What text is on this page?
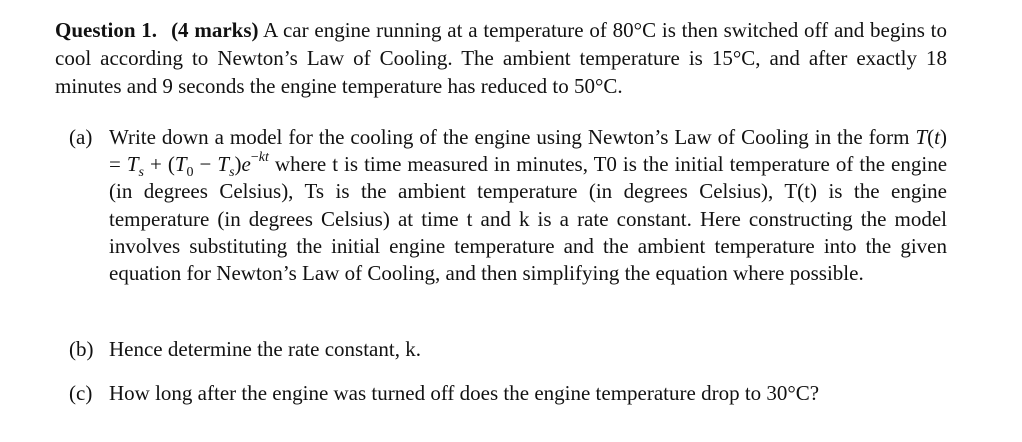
Question 1. (4 marks) A car engine running at a temperature of 80°C is then switched off and begins to cool according to Newton’s Law of Cooling. The ambient temperature is 15°C, and after exactly 18 minutes and 9 seconds the engine temperature has reduced to 50°C.

(a) Write down a model for the cooling of the engine using Newton’s Law of Cooling in the form $T(t) = T_s + (T_0 - T_s)e^{-kt}$ where t is time measured in minutes, T0 is the initial temperature of the engine (in degrees Celsius), Ts is the ambient temperature (in degrees Celsius), T(t) is the engine temperature (in degrees Celsius) at time t and k is a rate constant. Here constructing the model involves substituting the initial engine temperature and the ambient temperature into the given equation for Newton’s Law of Cooling, and then simplifying the equation where possible.
(b) Hence determine the rate constant, k.
(c) How long after the engine was turned off does the engine temperature drop to 30°C?
